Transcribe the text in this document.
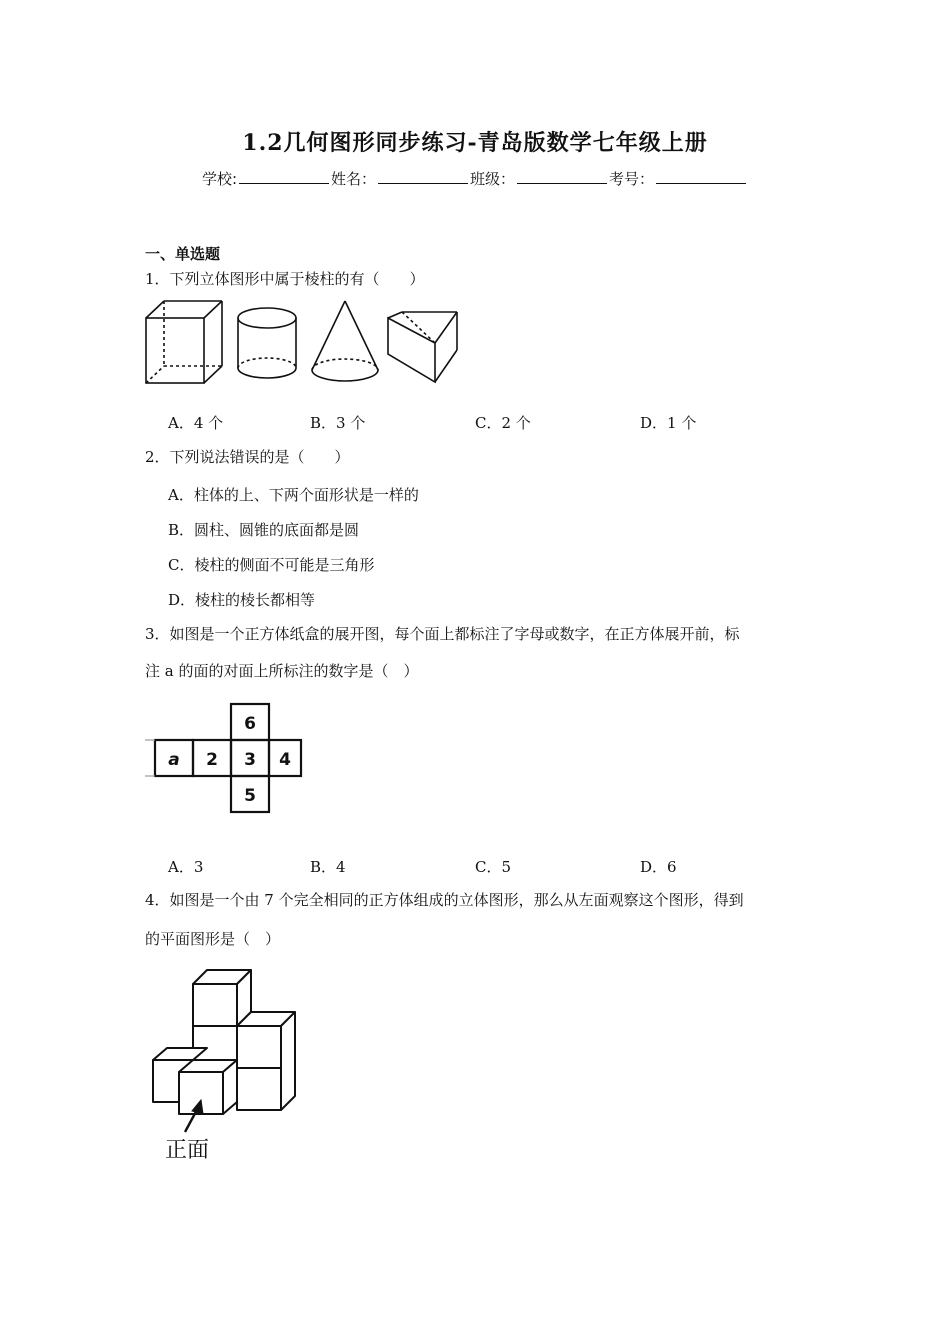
1.2几何图形同步练习-青岛版数学七年级上册
学校:	姓名：	班级：	考号：
一、单选题
1．下列立体图形中属于棱柱的有（　　）
A．4 个	B．3 个	C．2 个	D．1 个
2．下列说法错误的是（　　）
A．柱体的上、下两个面形状是一样的
B．圆柱、圆锥的底面都是圆
C．棱柱的侧面不可能是三角形
D．棱柱的棱长都相等
3．如图是一个正方体纸盒的展开图，每个面上都标注了字母或数字，在正方体展开前，标
注 a 的面的对面上所标注的数字是（　）
a 2 3 4
6
5
A．3	B．4	C．5	D．6
4．如图是一个由 7 个完全相同的正方体组成的立体图形，那么从左面观察这个图形，得到
的平面图形是（　）
正面
